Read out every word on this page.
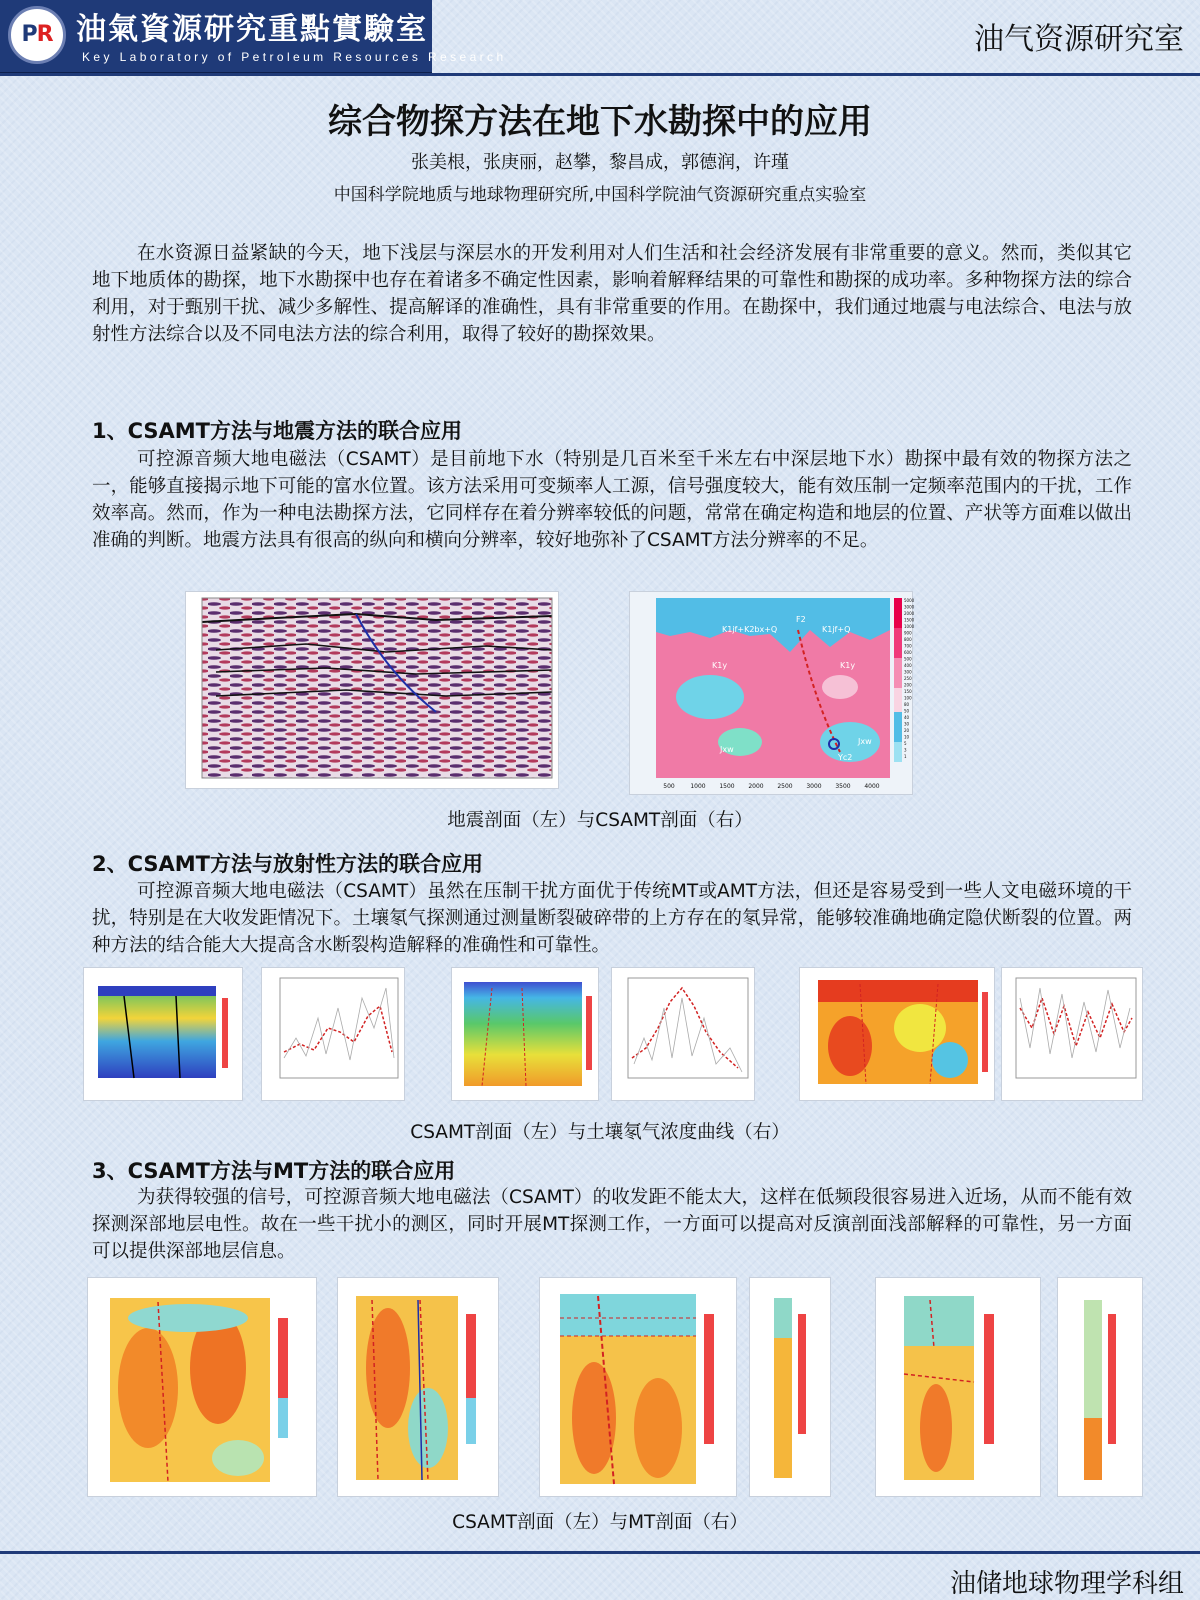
PR 油氣資源研究重點實驗室
Key Laboratory of Petroleum Resources Research	油气资源研究室
综合物探方法在地下水勘探中的应用
张美根，张庚丽，赵攀，黎昌成，郭德润，许瑾
中国科学院地质与地球物理研究所,中国科学院油气资源研究重点实验室

在水资源日益紧缺的今天，地下浅层与深层水的开发利用对人们生活和社会经济发展有非常重要的意义。然而，类似其它地下地质体的勘探，地下水勘探中也存在着诸多不确定性因素，影响着解释结果的可靠性和勘探的成功率。多种物探方法的综合利用，对于甄别干扰、减少多解性、提高解译的准确性，具有非常重要的作用。在勘探中，我们通过地震与电法综合、电法与放射性方法综合以及不同电法方法的综合利用，取得了较好的勘探效果。

1、CSAMT方法与地震方法的联合应用

可控源音频大地电磁法（CSAMT）是目前地下水（特别是几百米至千米左右中深层地下水）勘探中最有效的物探方法之一，能够直接揭示地下可能的富水位置。该方法采用可变频率人工源，信号强度较大，能有效压制一定频率范围内的干扰，工作效率高。然而，作为一种电法勘探方法，它同样存在着分辨率较低的问题，常常在确定构造和地层的位置、产状等方面难以做出准确的判断。地震方法具有很高的纵向和横向分辨率，较好地弥补了CSAMT方法分辨率的不足。

K1jf+K2bx+Q	K1jf+Q
K1y	K1y
Jxw
Jxw
F2
Yc2
500	1000 1500 2000 2500 3000 3500 4000
5000
3000
2000
1500
1000
900
800
700
600
500
400
300
250
200
150
100
80
50
40
30
20
10
5
3
1
地震剖面（左）与CSAMT剖面（右）
2、CSAMT方法与放射性方法的联合应用

可控源音频大地电磁法（CSAMT）虽然在压制干扰方面优于传统MT或AMT方法，但还是容易受到一些人文电磁环境的干扰，特别是在大收发距情况下。土壤氡气探测通过测量断裂破碎带的上方存在的氡异常，能够较准确地确定隐伏断裂的位置。两种方法的结合能大大提高含水断裂构造解释的准确性和可靠性。

CSAMT剖面（左）与土壤氡气浓度曲线（右）
3、CSAMT方法与MT方法的联合应用

为获得较强的信号，可控源音频大地电磁法（CSAMT）的收发距不能太大，这样在低频段很容易进入近场，从而不能有效探测深部地层电性。故在一些干扰小的测区，同时开展MT探测工作，一方面可以提高对反演剖面浅部解释的可靠性，另一方面可以提供深部地层信息。

CSAMT剖面（左）与MT剖面（右）
油储地球物理学科组
